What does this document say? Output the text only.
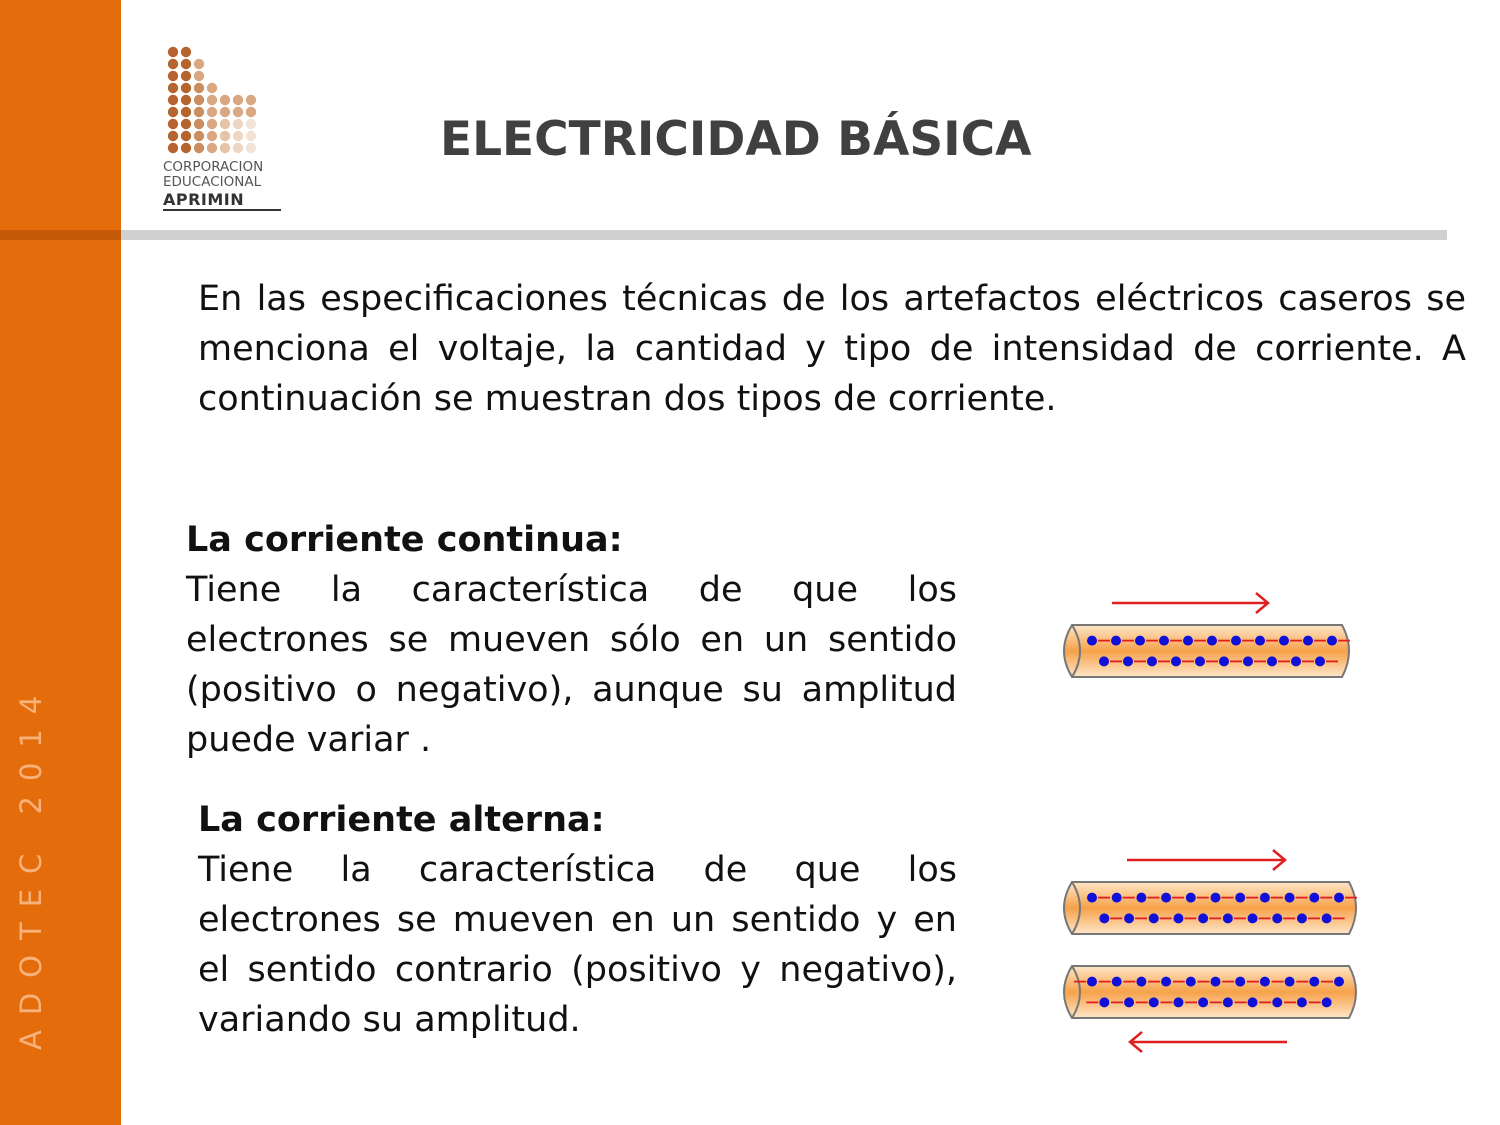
ADOTEC 2014
CORPORACION
EDUCACIONAL
APRIMIN
ELECTRICIDAD BÁSICA

En las especificaciones técnicas de los artefactos eléctricos caseros se menciona el voltaje, la cantidad y tipo de intensidad de corriente. A continuación se muestran dos tipos de corriente.

La corriente continua:
Tiene la característica de que los electrones se mueven sólo en un sentido (positivo o negativo), aunque su amplitud puede variar .
La corriente alterna:
Tiene la característica de que los electrones se mueven en un sentido y en el sentido contrario (positivo y negativo), variando su amplitud.
